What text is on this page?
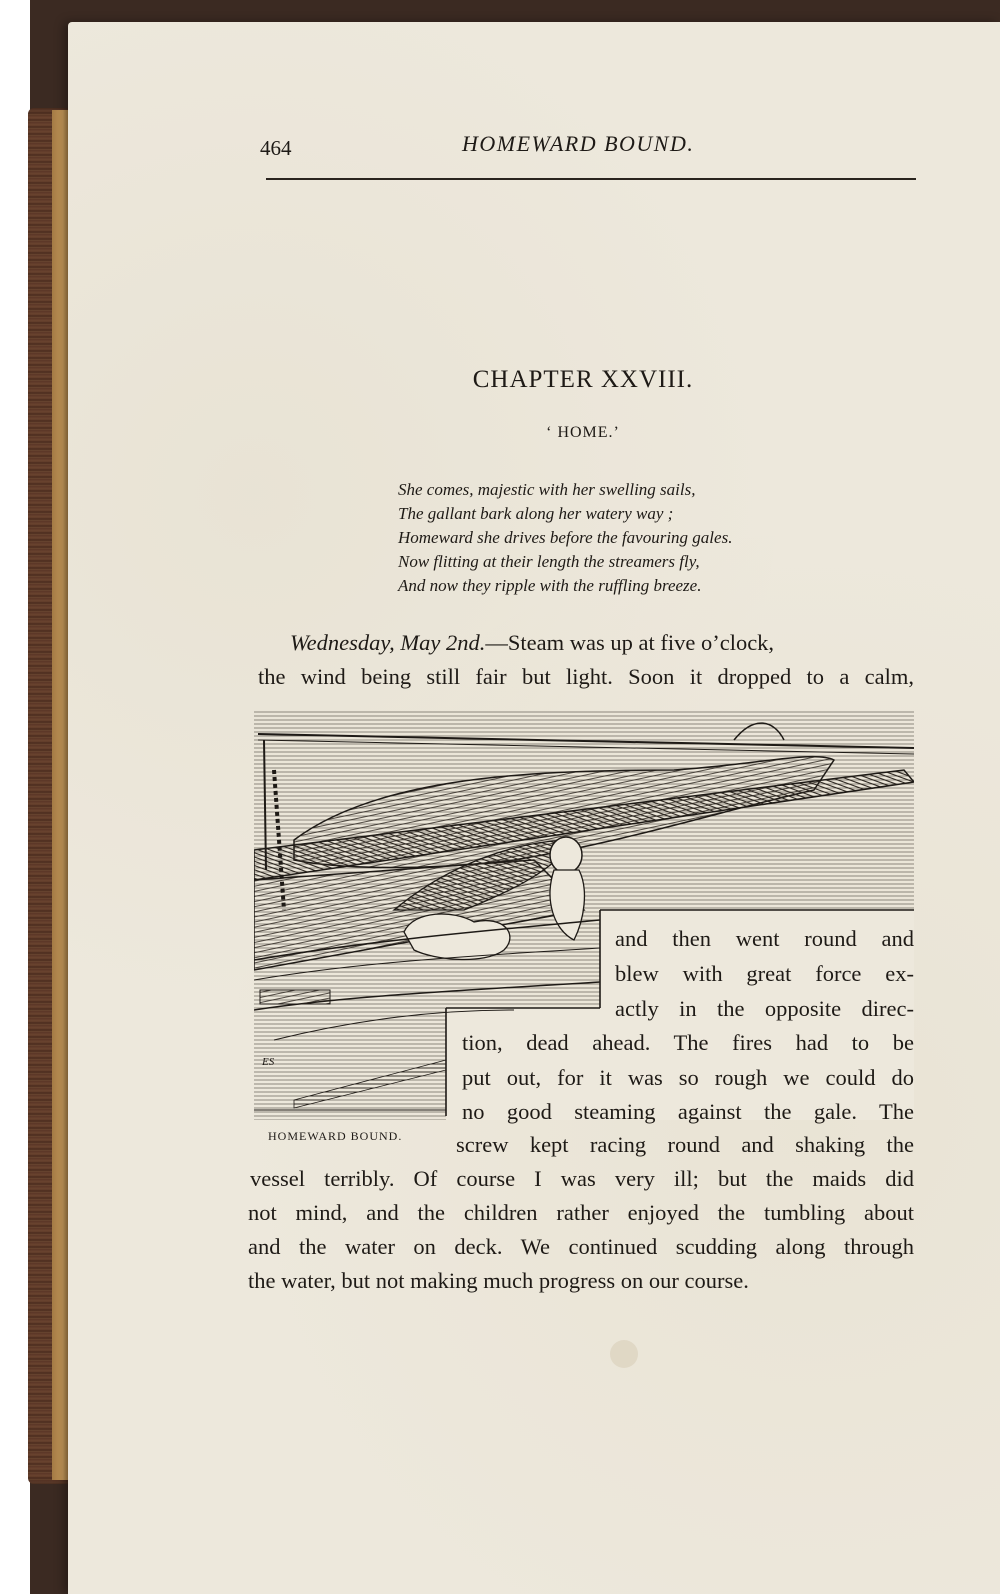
464	HOMEWARD BOUND.
CHAPTER XXVIII.
‘ HOME.’
She comes, majestic with her swelling sails,
The gallant bark along her watery way ;
Homeward she drives before the favouring gales.
Now flitting at their length the streamers fly,
And now they ripple with the ruffling breeze.
Wednesday, May 2nd.—Steam was up at five o’clock,
the wind being still fair but light. Soon it dropped to a calm,
ES
and then went round and
blew with great force ex-
actly in the opposite direc-
tion, dead ahead. The fires had to be
put out, for it was so rough we could do
no good steaming against the gale. The
screw kept racing round and shaking the
HOMEWARD BOUND.
vessel terribly. Of course I was very ill; but the maids did
not mind, and the children rather enjoyed the tumbling about
and the water on deck. We continued scudding along through
the water, but not making much progress on our course.
